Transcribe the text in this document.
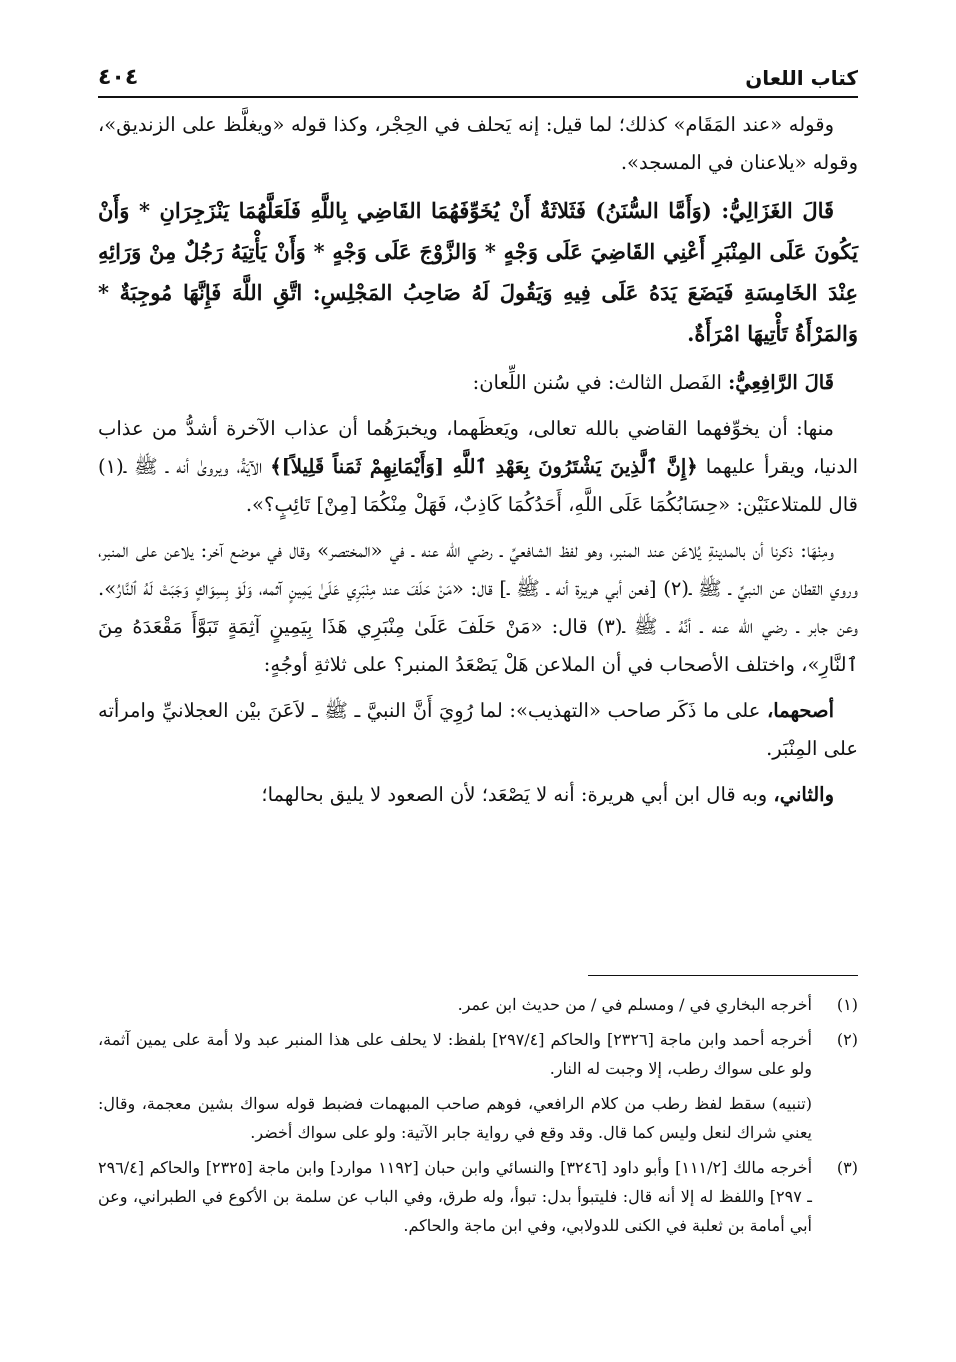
كتاب اللعان
٤٠٤

وقوله «عند المَقَام» كذلك؛ لما قيل: إنه يَحلف في الحِجْر، وكذا قوله «ويغلَّظ على الزنديق»، وقوله «يلاعنان في المسجد».

قَالَ الغَزَالِيُّ: (وَأَمَّا السُّنَنُ) فَثَلاثَةٌ أَنْ يُخَوِّفَهُمَا القَاضِي بِاللَّهِ فَلَعَلَّهُمَا يَنْزَجِرَانِ * وَأَنْ يَكُونَ عَلَى المِنْبَرِ أَعْنِي القَاضِيَ عَلَى وَجْهٍ * وَالزَّوْجَ عَلَى وَجْهٍ * وَأَنْ يَأْتِيَهُ رَجُلٌ مِنْ وَرَائِهِ عِنْدَ الخَامِسَةِ فَيَضَعَ يَدَهُ عَلَى فِيهِ وَيَقُولَ لَهُ صَاحِبُ المَجْلِسِ: اتَّقِ اللَّهَ فَإِنَّهَا مُوجِبَةٌ * وَالمَرْأَةُ تَأْتِيهَا امْرَأَةٌ.

قَالَ الرَّافِعِيُّ: الفَصل الثالث: في سُنن اللِّعان:

منها: أن يخوِّفهما القاضي بالله تعالى، ويَعظَهما، ويخبرَهُما أن عذاب الآخرة أشدُّ من عذاب الدنيا، ويقرأ عليهما ﴿إِنَّ ٱلَّذِينَ يَشْتَرُونَ بِعَهْدِ ٱللَّهِ [وَأَيْمَانِهِمْ ثَمَناً قَلِيلاً]﴾ الآيَةُ، ويروىٰ أنه ـ ﷺ ـ(١) قال للمتلاعنَيْن: «حِسَابُكُمَا عَلَى اللَّهِ، أَحَدُكُمَا كَاذِبٌ، فَهَلْ مِنْكُمَا [مِنْ] تَائِبٍ؟».

ومِنْهَا: ذكرنا أن بالمدينةِ يُلاعَن عند المنبر، وهو لفظ الشافعيِّ ـ رضي الله عنه ـ في «المختصر» وقال في موضع آخر: يلاعن على المنبر، وروي القطان عن النبيِّ ـ ﷺ ـ(٢) [فعن أبي هريرة أنه ـ ﷺ ـ] قال: «مَنْ حَلَفَ عند مِنْبَرِي عَلَىٰ يَمِينٍ آثمه، وَلَوْ بِسِوَاكٍ وَجَبَتْ لَهُ ٱلنَّارُ». وعن جابر ـ رضي الله عنه ـ أنَّهُ ـ ﷺ ـ(٣) قال: «مَنْ حَلَفَ عَلَىٰ مِنْبَرِي هَذَا بِيَمِينٍ آثِمَةٍ تَبَوَّأَ مَقْعَدَهُ مِنَ ٱلنَّارِ»، واختلف الأصحاب في أن الملاعن هَلْ يَصْعَدُ المنبر؟ على ثلاثةِ أوجُهٍ:

أصحهما، على ما ذَكَر صاحب «التهذيب»: لما رُوِيَ أَنَّ النبيَّ ـ ﷺ ـ لاَعَنَ بيْن العجلانيِّ وامرأته على المِنْبَر.

والثاني، وبه قال ابن أبي هريرة: أنه لا يَصْعَد؛ لأن الصعود لا يليق بحالهما؛

(١)
أخرجه البخاري في / ومسلم في / من حديث ابن عمر.
(٢)
أخرجه أحمد وابن ماجة [٢٣٢٦] والحاكم [٢٩٧/٤] بلفظ: لا يحلف على هذا المنبر عبد ولا أمة على يمين آثمة، ولو على سواك رطب، إلا وجبت له النار.
(تنبيه) سقط لفظ رطب من كلام الرافعي، فوهم صاحب المبهمات فضبط قوله سواك بشين معجمة، وقال: يعني شراك لنعل وليس كما قال. وقد وقع في رواية جابر الآتية: ولو على سواك أخضر.
(٣)
أخرجه مالك [١١١/٢] وأبو داود [٣٢٤٦] والنسائي وابن حبان [١١٩٢ موارد] وابن ماجة [٢٣٢٥] والحاكم [٢٩٦/٤ ـ ٢٩٧] واللفظ له إلا أنه قال: فليتبوأ بدل: تبوأ، وله طرق، وفي الباب عن سلمة بن الأكوع في الطبراني، وعن أبي أمامة بن ثعلبة في الكنى للدولابي، وفي ابن ماجة والحاكم.
